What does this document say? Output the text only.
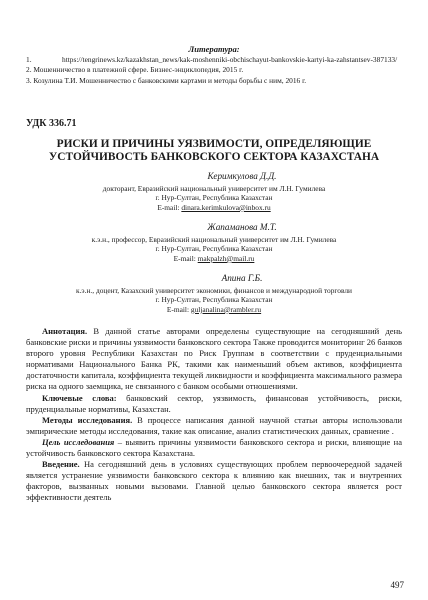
Литература:
1.	https://tengrinews.kz/kazakhstan_news/kak-moshenniki-obchischayut-bankovskie-kartyi-ka-zahstantsev-387133/
2. Мошенничество в платежной сфере. Бизнес-энциклопедия, 2015 г.
3. Козулина Т.И. Мошенничество с банковскими картами и методы борьбы с ним, 2016 г.
УДК 336.71
РИСКИ И ПРИЧИНЫ УЯЗВИМОСТИ, ОПРЕДЕЛЯЮЩИЕ УСТОЙЧИВОСТЬ БАНКОВСКОГО СЕКТОРА КАЗАХСТАНА
Керимкулова Д.Д.
докторант, Евразийский национальный университет им Л.Н. Гумилева
г. Нур-Султан, Республика Казахстан
E-mail: dinara.kerimkulova@inbox.ru
Жапаманова М.Т.
к.э.н., профессор, Евразийский национальный университет им Л.Н. Гумилева
г. Нур-Султан, Республика Казахстан
E-mail: makpalzh@mail.ru
Апина Г.Б.
к.э.н., доцент, Казахский университет экономики, финансов и международной торговли
г. Нур-Султан, Республика Казахстан
E-mail: guljanalina@rambler.ru

Аннотация. В данной статье авторами определены существующие на сегодняшний день банковские риски и причины уязвимости банковского сектора Также проводится мониторинг 26 банков второго уровня Республики Казахстан по Риск Группам в соответствии с пруденциальными нормативами Национального Банка РК, такими как наименьший объем активов, коэффициента достаточности капитала, коэффициента текущей ликвидности и коэффициента максимального размера риска на одного заемщика, не связанного с банком особыми отношениями.

Ключевые слова: банковский сектор, уязвимость, финансовая устойчивость, риски, пруденциальные нормативы, Казахстан.

Методы исследования. В процессе написания данной научной статьи авторы использовали эмпирические методы исследования, такие как описание, анализ статистических данных, сравнение .

Цель исследования – выявить причины уязвимости банковского сектора и риски, влияющие на устойчивость банковского сектора Казахстана.

Введение. На сегодняшний день в условиях существующих проблем первоочередной задачей является устранение уязвимости банковского сектора к влиянию как внешних, так и внутренних факторов, вызванных новыми вызовами. Главной целью банковского сектора является рост эффективности деятель

497
